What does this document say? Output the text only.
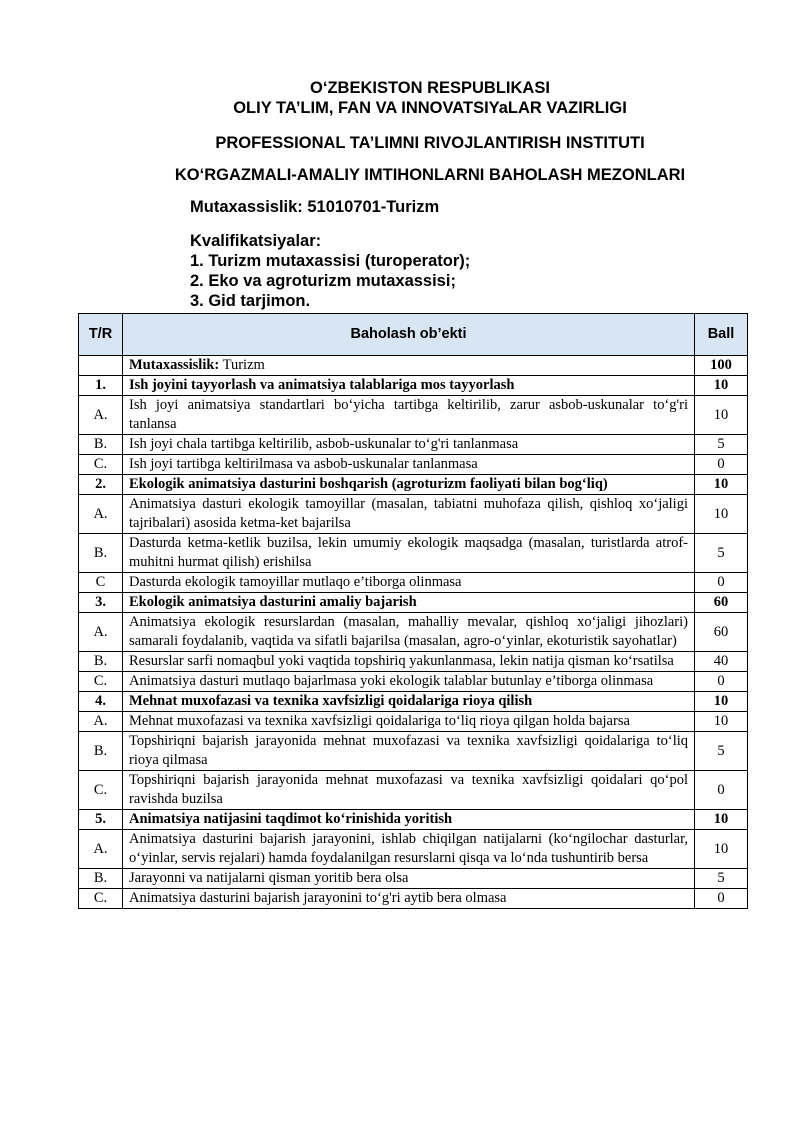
O‘ZBEKISTON RESPUBLIKASI
OLIY TA’LIM, FAN VA INNOVATSIYaLAR VAZIRLIGI
PROFESSIONAL TA’LIMNI RIVOJLANTIRISH INSTITUTI
KO‘RGAZMALI-AMALIY IMTIHONLARNI BAHOLASH MEZONLARI
Mutaxassislik: 51010701-Turizm
Kvalifikatsiyalar:
1. Turizm mutaxassisi (turoperator);
2. Eko va agroturizm mutaxassisi;
3. Gid tarjimon.
T/R	Baholash ob’ekti	Ball
	Mutaxassislik: Turizm	100
1.	Ish joyini tayyorlash va animatsiya talablariga mos tayyorlash	10
A.	Ish joyi animatsiya standartlari bo‘yicha tartibga keltirilib, zarur asbob-uskunalar to‘g'ri tanlansa	10
B.	Ish joyi chala tartibga keltirilib, asbob-uskunalar to‘g'ri tanlanmasa	5
C.	Ish joyi tartibga keltirilmasa va asbob-uskunalar tanlanmasa	0
2.	Ekologik animatsiya dasturini boshqarish (agroturizm faoliyati bilan bog‘liq)	10
A.	Animatsiya dasturi ekologik tamoyillar (masalan, tabiatni muhofaza qilish, qishloq xo‘jaligi tajribalari) asosida ketma-ket bajarilsa	10
B.	Dasturda ketma-ketlik buzilsa, lekin umumiy ekologik maqsadga (masalan, turistlarda atrof-muhitni hurmat qilish) erishilsa	5
C	Dasturda ekologik tamoyillar mutlaqo e’tiborga olinmasa	0
3.	Ekologik animatsiya dasturini amaliy bajarish	60
A.	Animatsiya ekologik resurslardan (masalan, mahalliy mevalar, qishloq xo‘jaligi jihozlari) samarali foydalanib, vaqtida va sifatli bajarilsa (masalan, agro-o‘yinlar, ekoturistik sayohatlar)	60
B.	Resurslar sarfi nomaqbul yoki vaqtida topshiriq yakunlanmasa, lekin natija qisman ko‘rsatilsa	40
C.	Animatsiya dasturi mutlaqo bajarlmasa yoki ekologik talablar butunlay e’tiborga olinmasa	0
4.	Mehnat muxofazasi va texnika xavfsizligi qoidalariga rioya qilish	10
A.	Mehnat muxofazasi va texnika xavfsizligi qoidalariga to‘liq rioya qilgan holda bajarsa	10
B.	Topshiriqni bajarish jarayonida mehnat muxofazasi va texnika xavfsizligi qoidalariga to‘liq rioya qilmasa	5
C.	Topshiriqni bajarish jarayonida mehnat muxofazasi va texnika xavfsizligi qoidalari qo‘pol ravishda buzilsa	0
5.	Animatsiya natijasini taqdimot ko‘rinishida yoritish	10
A.	Animatsiya dasturini bajarish jarayonini, ishlab chiqilgan natijalarni (ko‘ngilochar dasturlar, o‘yinlar, servis rejalari) hamda foydalanilgan resurslarni qisqa va lo‘nda tushuntirib bersa	10
B.	Jarayonni va natijalarni qisman yoritib bera olsa	5
C.	Animatsiya dasturini bajarish jarayonini to‘g'ri aytib bera olmasa	0
